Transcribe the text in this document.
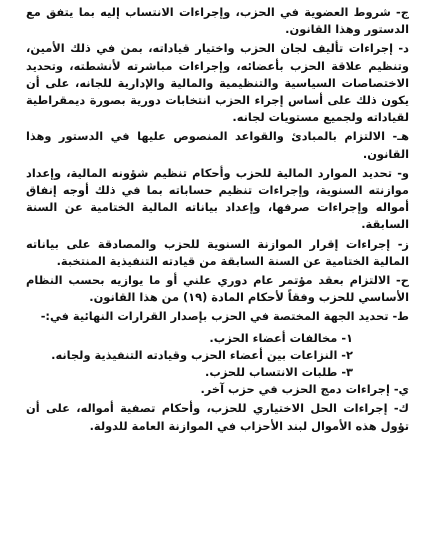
ج- شروط العضوية في الحزب، وإجراءات الانتساب إليه بما يتفق مع الدستور وهذا القانون.

د- إجراءات تأليف لجان الحزب واختيار قياداته، بمن في ذلك الأمين، وتنظيم علاقة الحزب بأعضائه، وإجراءات مباشرته لأنشطته، وتحديد الاختصاصات السياسية والتنظيمية والمالية والإدارية للجانه، على أن يكون ذلك على أساس إجراء الحزب انتخابات دورية بصورة ديمقراطية لقياداته ولجميع مستويات لجانه.

هـ- الالتزام بالمبادئ والقواعد المنصوص عليها في الدستور وهذا القانون.

و- تحديد الموارد المالية للحزب وأحكام تنظيم شؤونه المالية، وإعداد موازنته السنوية، وإجراءات تنظيم حساباته بما في ذلك أوجه إنفاق أمواله وإجراءات صرفها، وإعداد بياناته المالية الختامية عن السنة السابقة.

ز- إجراءات إقرار الموازنة السنوية للحزب والمصادقة على بياناته المالية الختامية عن السنة السابقة من قيادته التنفيذية المنتخبة.

ح- الالتزام بعقد مؤتمر عام دوري علني أو ما يوازيه بحسب النظام الأساسي للحزب وفقاً لأحكام المادة (١٩) من هذا القانون.

ط- تحديد الجهة المختصة في الحزب بإصدار القرارات النهائية في:-

١- مخالفات أعضاء الحزب.

٢- النزاعات بين أعضاء الحزب وقيادته التنفيذية ولجانه.

٣- طلبات الانتساب للحزب.

ي- إجراءات دمج الحزب في حزب آخر.

ك- إجراءات الحل الاختياري للحزب، وأحكام تصفية أمواله، على أن تؤول هذه الأموال لبند الأحزاب في الموازنة العامة للدولة.
